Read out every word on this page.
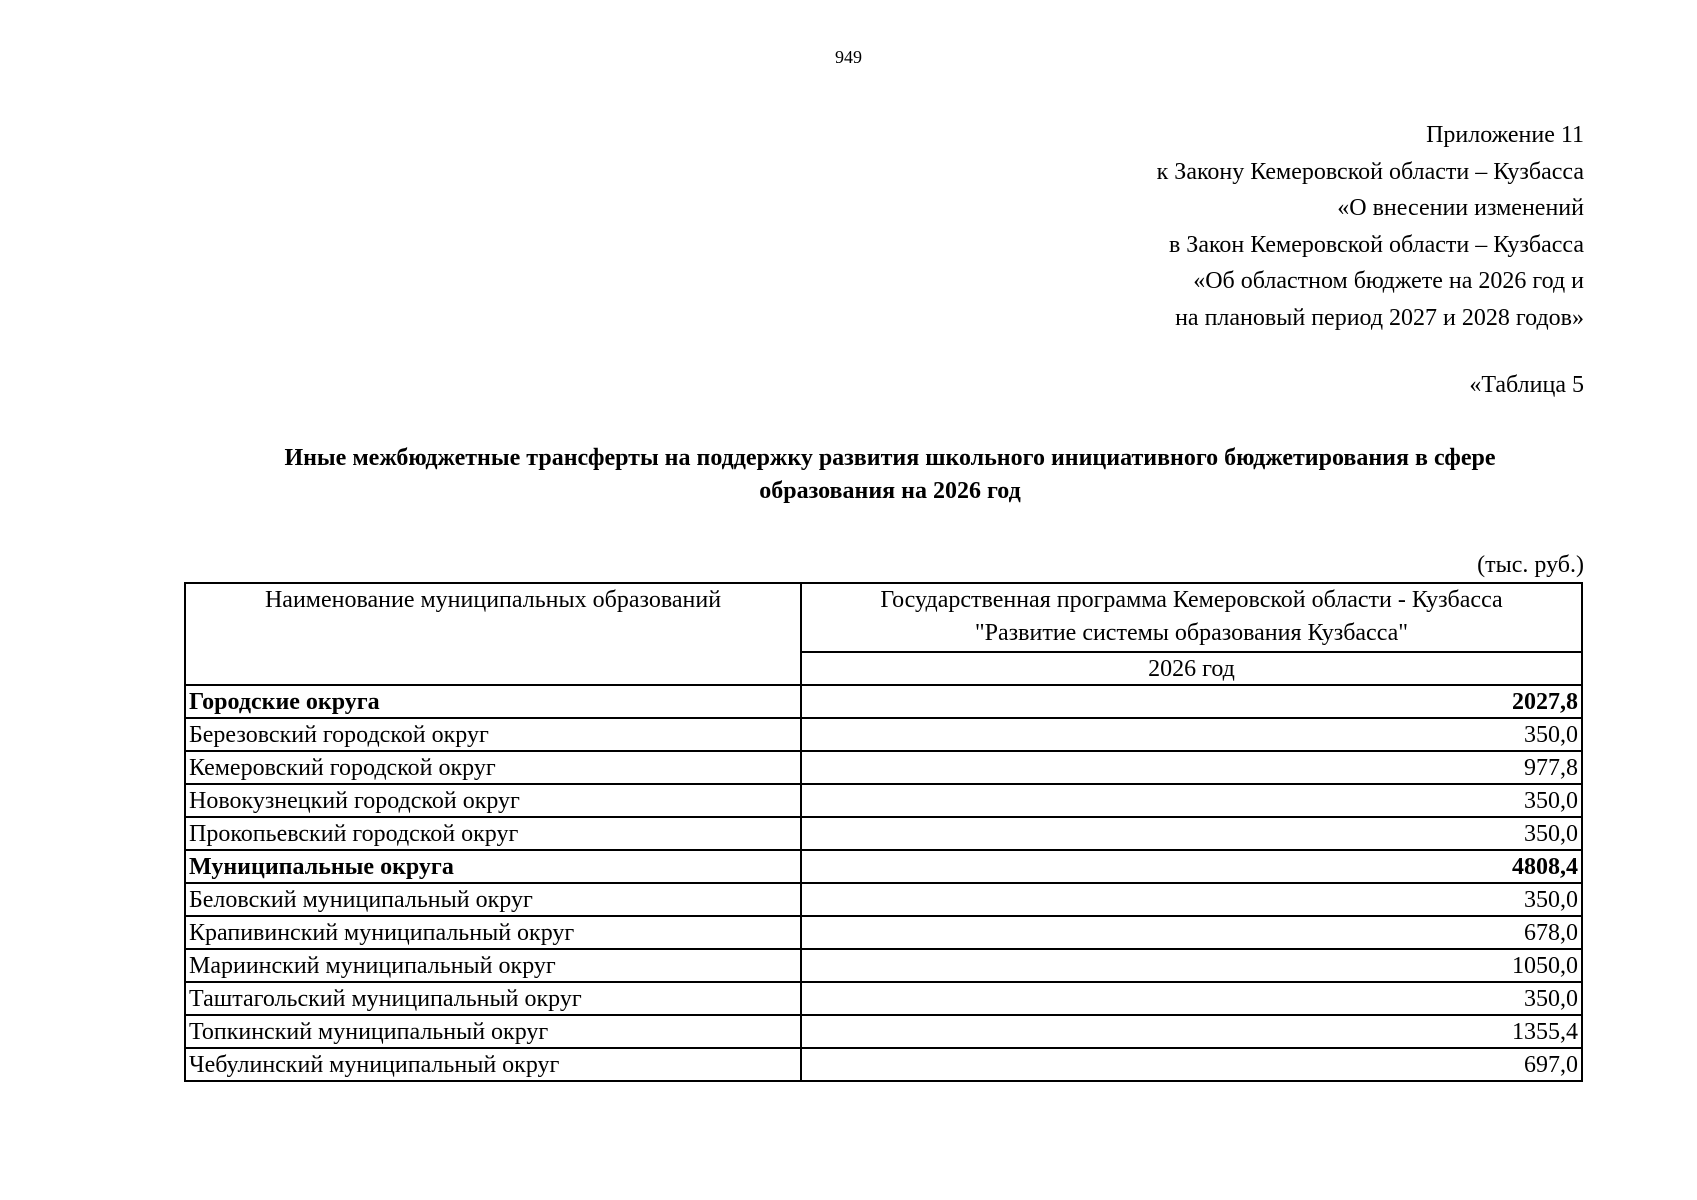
949
Приложение 11
к Закону Кемеровской области – Кузбасса
«О внесении изменений
в Закон Кемеровской области – Кузбасса
«Об областном бюджете на 2026 год и
на плановый период 2027 и 2028 годов»
«Таблица 5
Иные межбюджетные трансферты на поддержку развития школьного инициативного бюджетирования в сфере
образования на 2026 год
(тыс. руб.)
Наименование муниципальных образований	Государственная программа Кемеровской области - Кузбасса
"Развитие системы образования Кузбасса"

	2026 год
Городские округа	2027,8
Березовский городской округ	350,0
Кемеровский городской округ	977,8
Новокузнецкий городской округ	350,0
Прокопьевский городской округ	350,0
Муниципальные округа	4808,4
Беловский муниципальный округ	350,0
Крапивинский муниципальный округ	678,0
Мариинский муниципальный округ	1050,0
Таштагольский муниципальный округ	350,0
Топкинский муниципальный округ	1355,4
Чебулинский муниципальный округ	697,0
